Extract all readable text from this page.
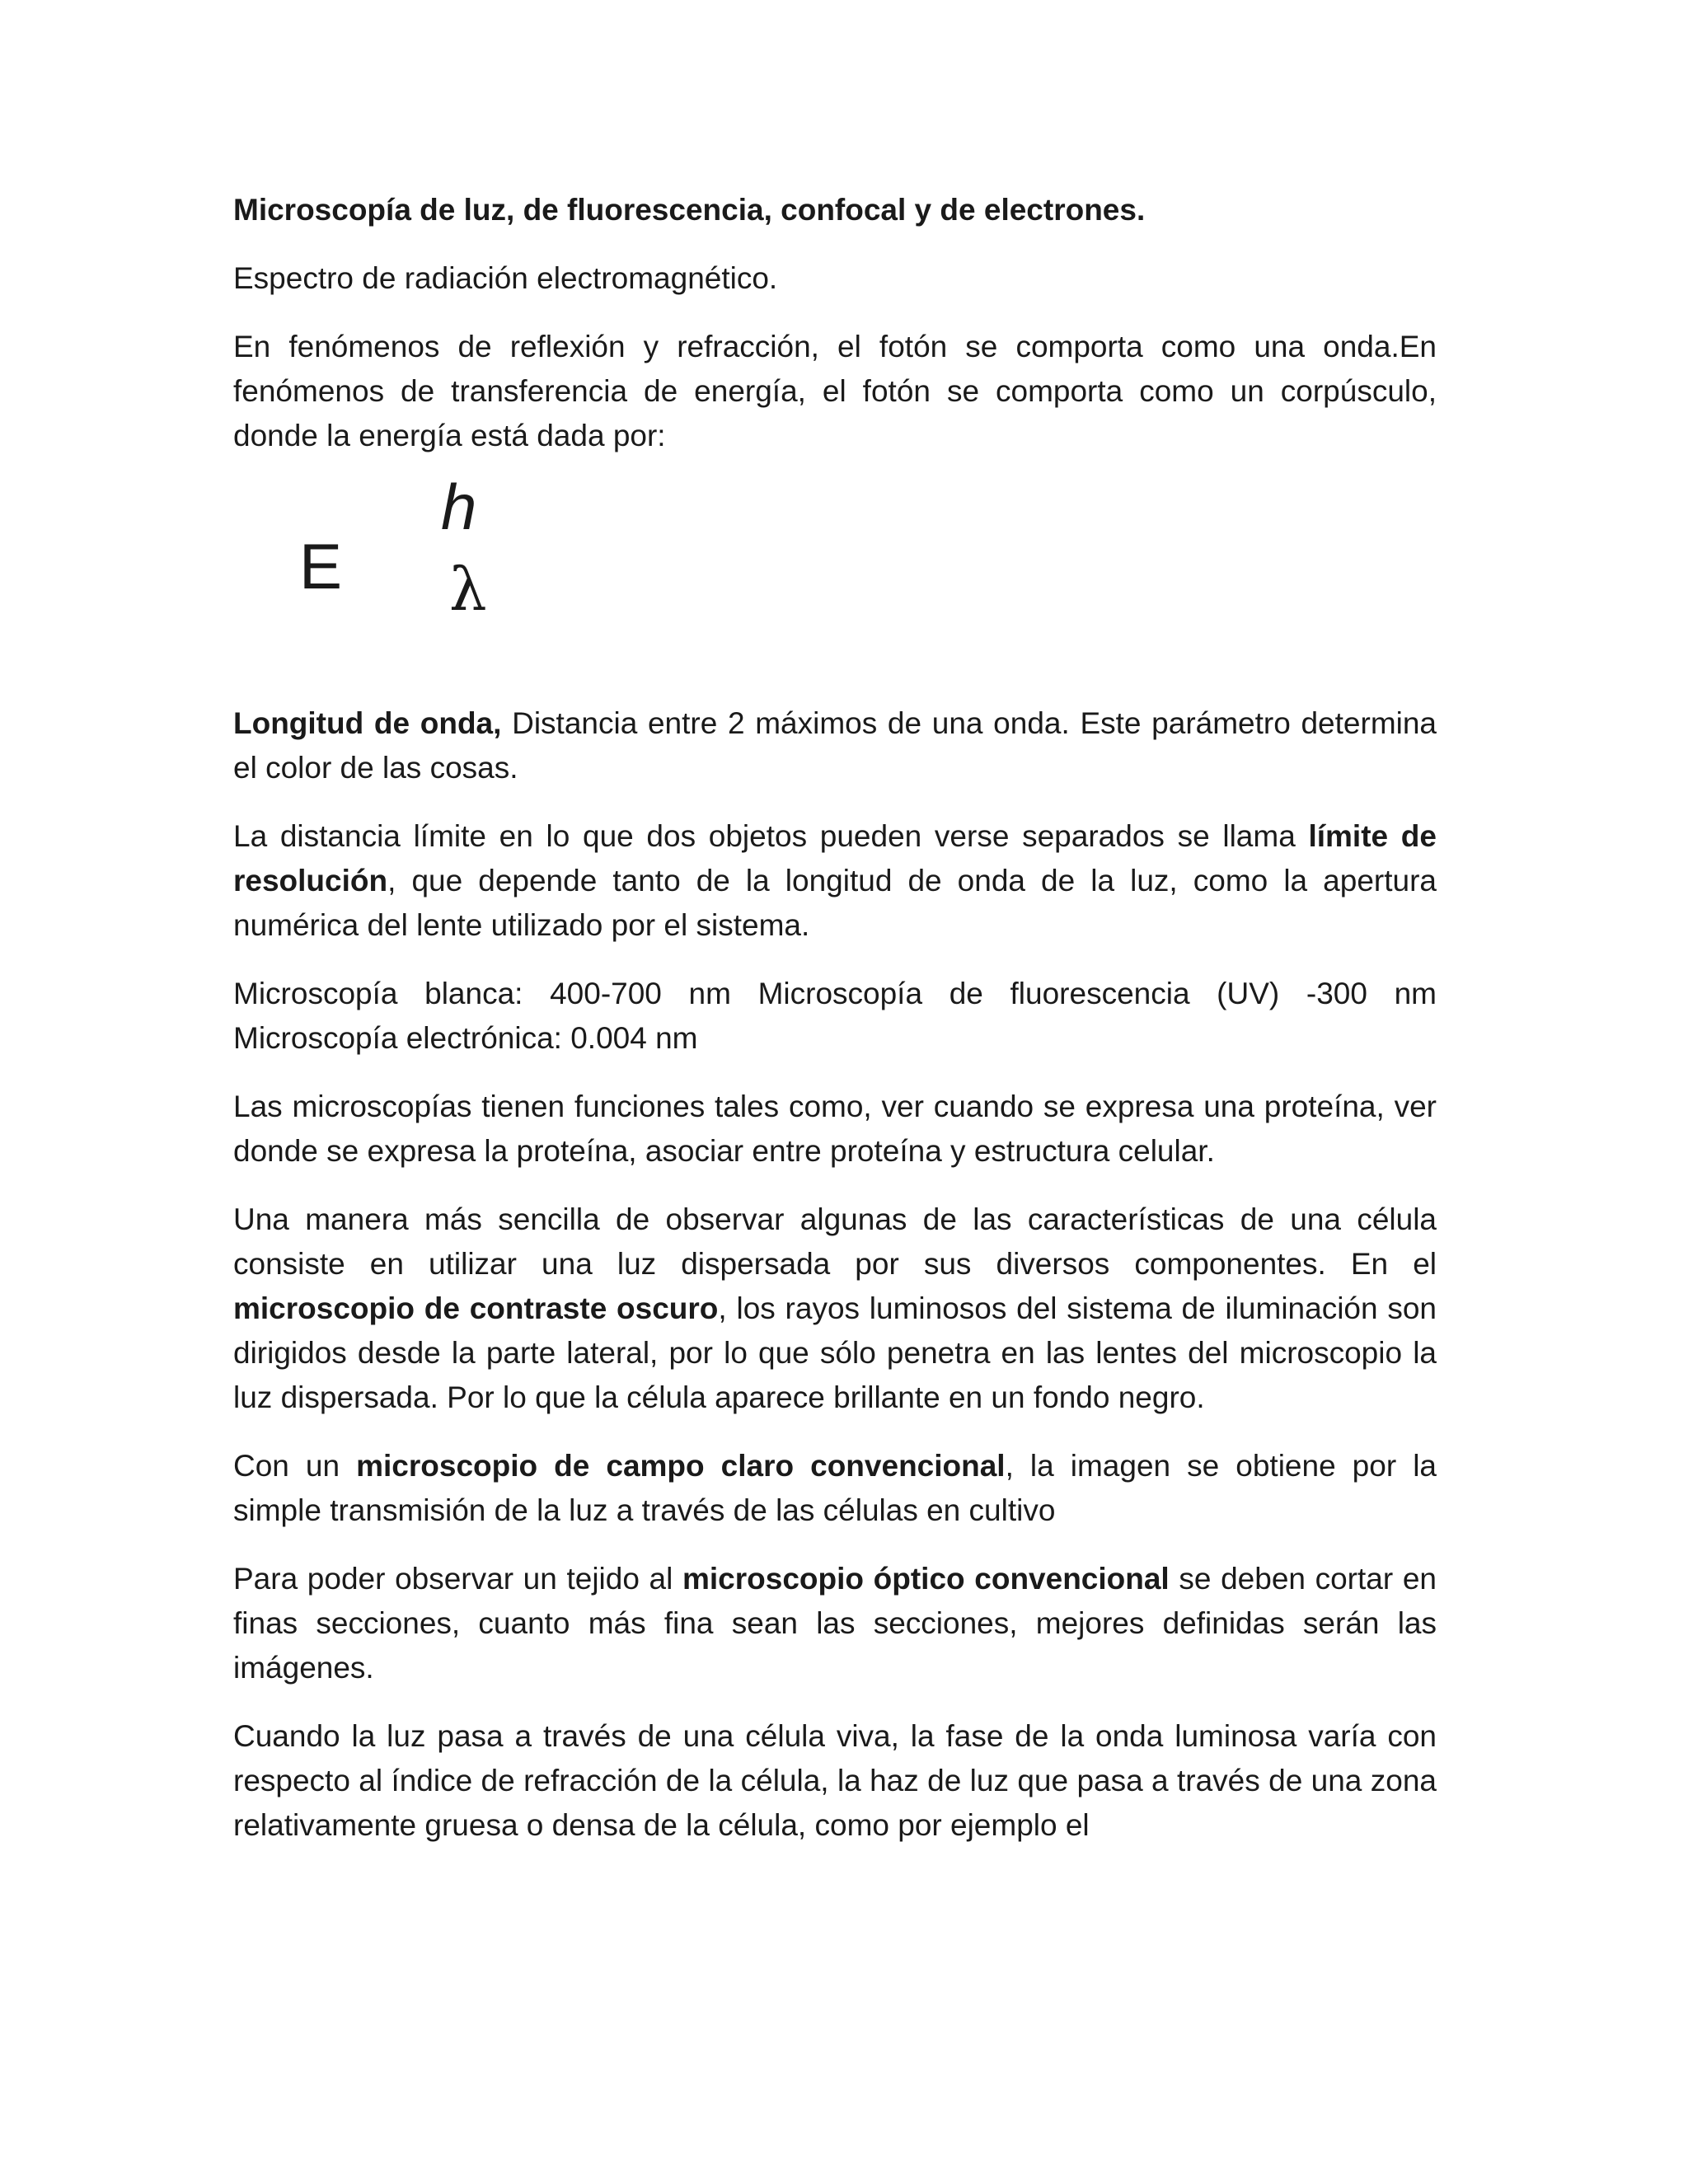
Microscopía de luz, de fluorescencia, confocal y de electrones.

Espectro de radiación electromagnético.

En fenómenos de reflexión y refracción, el fotón se comporta como una onda.En fenómenos de transferencia de energía, el fotón se comporta como un corpúsculo, donde la energía está dada por:

E
h
λ

Longitud de onda, Distancia entre 2 máximos de una onda. Este parámetro determina el color de las cosas.

La distancia límite en lo que dos objetos pueden verse separados se llama límite de resolución, que depende tanto de la longitud de onda de la luz, como la apertura numérica del lente utilizado por el sistema.

Microscopía blanca: 400-700 nm Microscopía de fluorescencia (UV) -300 nm Microscopía electrónica: 0.004 nm

Las microscopías tienen funciones tales como, ver cuando se expresa una proteína, ver donde se expresa la proteína, asociar entre proteína y estructura celular.

Una manera más sencilla de observar algunas de las características de una célula consiste en utilizar una luz dispersada por sus diversos componentes. En el microscopio de contraste oscuro, los rayos luminosos del sistema de iluminación son dirigidos desde la parte lateral, por lo que sólo penetra en las lentes del microscopio la luz dispersada. Por lo que la célula aparece brillante en un fondo negro.

Con un microscopio de campo claro convencional, la imagen se obtiene por la simple transmisión de la luz a través de las células en cultivo

Para poder observar un tejido al microscopio óptico convencional se deben cortar en finas secciones, cuanto más fina sean las secciones, mejores definidas serán las imágenes.

Cuando la luz pasa a través de una célula viva, la fase de la onda luminosa varía con respecto al índice de refracción de la célula, la haz de luz que pasa a través de una zona relativamente gruesa o densa de la célula, como por ejemplo el
